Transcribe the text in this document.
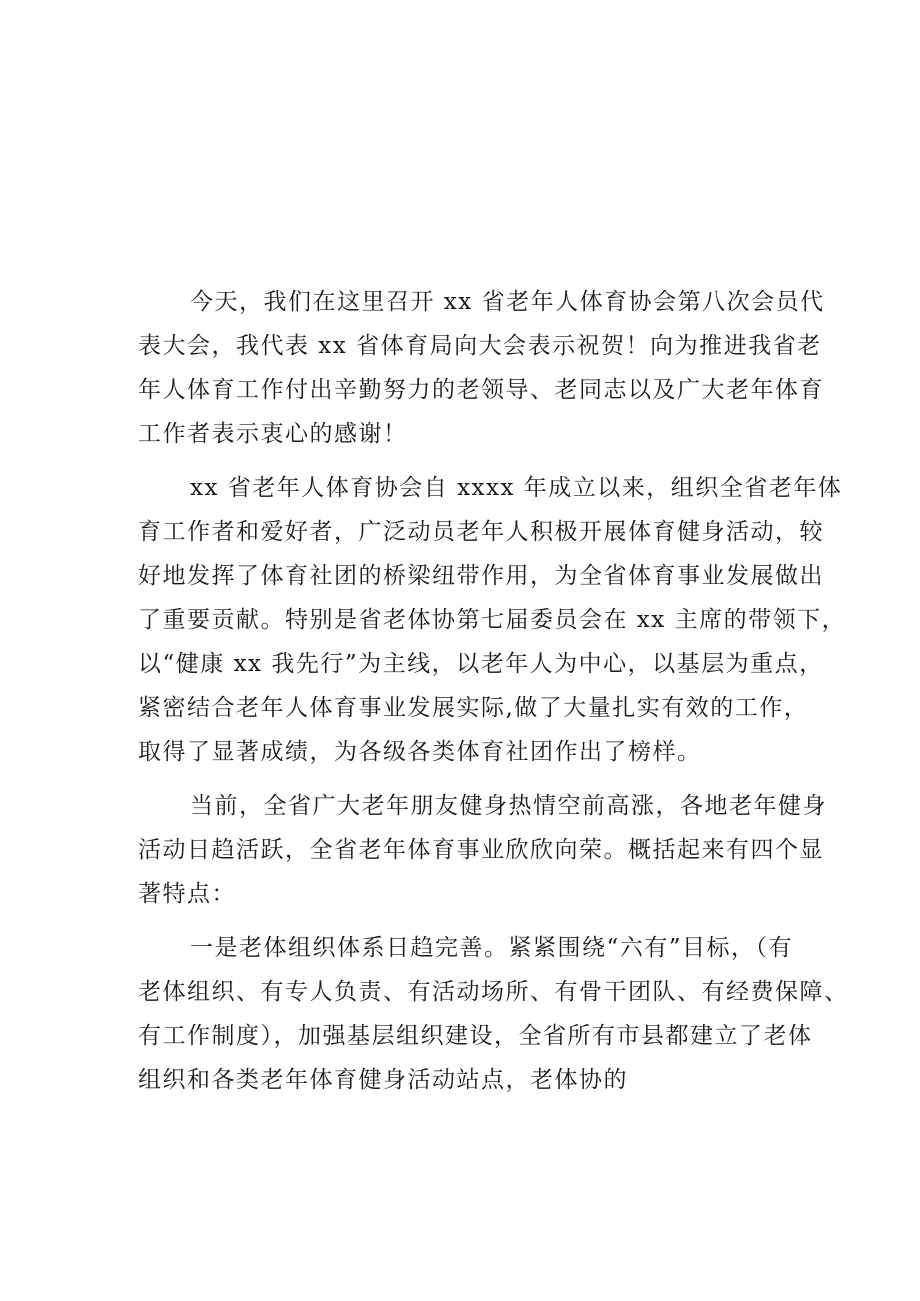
今天，我们在这里召开 xx 省老年人体育协会第八次会员代
表大会，我代表 xx 省体育局向大会表示祝贺！向为推进我省老
年人体育工作付出辛勤努力的老领导、老同志以及广大老年体育
工作者表示衷心的感谢！

xx 省老年人体育协会自 xxxx 年成立以来，组织全省老年体
育工作者和爱好者，广泛动员老年人积极开展体育健身活动，较
好地发挥了体育社团的桥梁纽带作用，为全省体育事业发展做出
了重要贡献。特别是省老体协第七届委员会在 xx 主席的带领下，
以“健康 xx 我先行”为主线，以老年人为中心，以基层为重点，
紧密结合老年人体育事业发展实际,做了大量扎实有效的工作，
取得了显著成绩，为各级各类体育社团作出了榜样。

当前，全省广大老年朋友健身热情空前高涨，各地老年健身
活动日趋活跃，全省老年体育事业欣欣向荣。概括起来有四个显
著特点：

一是老体组织体系日趋完善。紧紧围绕“六有”目标，（有
老体组织、有专人负责、有活动场所、有骨干团队、有经费保障、
有工作制度），加强基层组织建设，全省所有市县都建立了老体
组织和各类老年体育健身活动站点，老体协的
